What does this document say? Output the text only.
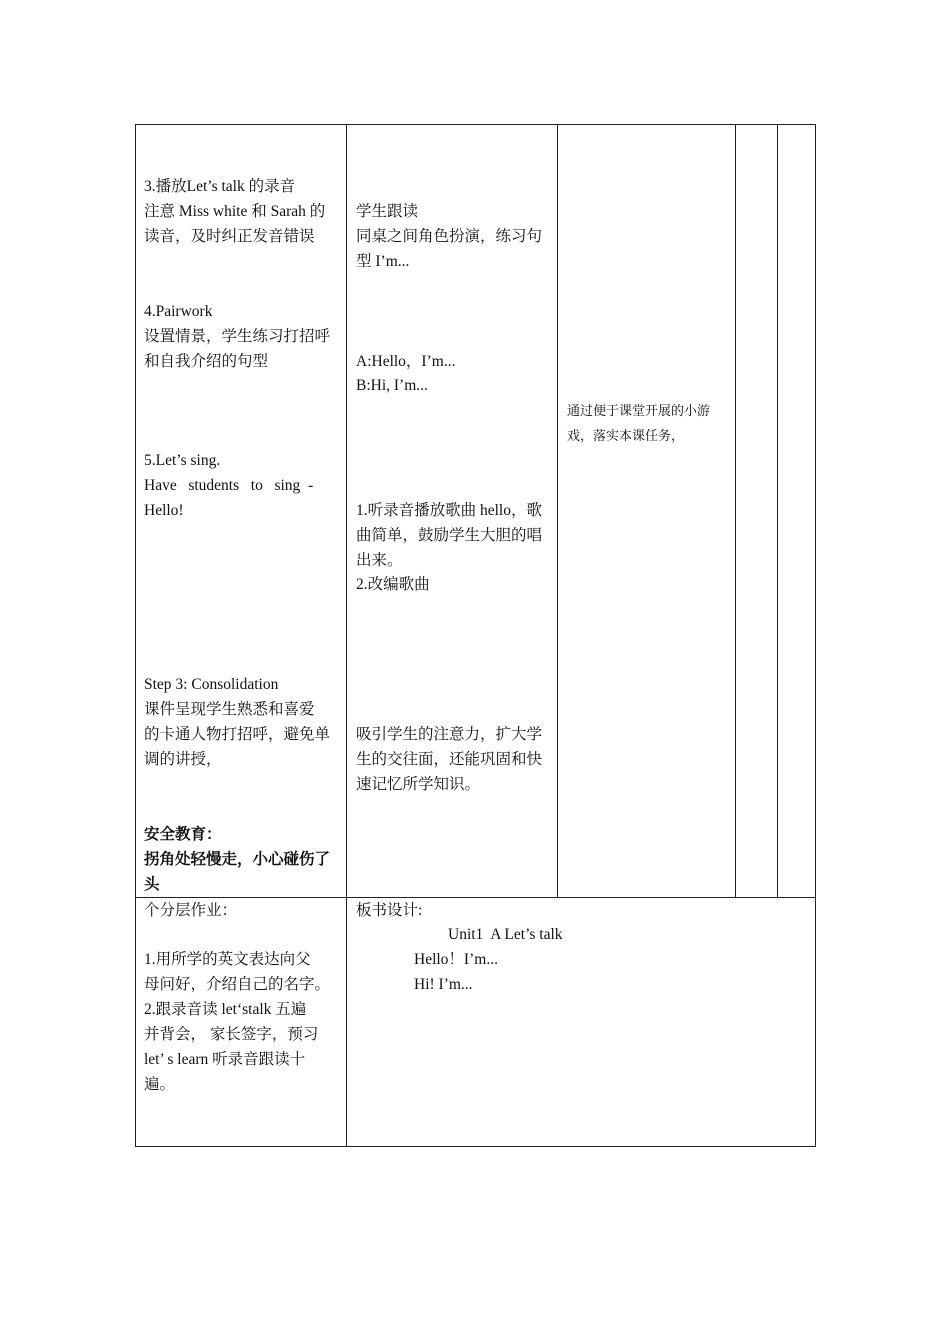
3.播放Let’s talk 的录音
注意 Miss white 和 Sarah 的
读音，及时纠正发音错误
4.Pairwork
设置情景，学生练习打招呼
和自我介绍的句型
5.Let’s sing.
Have   students   to   sing  -
Hello!
Step 3: Consolidation
课件呈现学生熟悉和喜爱
的卡通人物打招呼，避免单
调的讲授，
安全教育：
拐角处轻慢走，小心碰伤了
头
学生跟读
同桌之间角色扮演，练习句
型 I’m...
A:Hello，I’m...
B:Hi, I’m...
1.听录音播放歌曲 hello，歌
曲简单，鼓励学生大胆的唱
出来。
2.改编歌曲
吸引学生的注意力，扩大学
生的交往面，还能巩固和快
速记忆所学知识。
通过便于课堂开展的小游
戏，落实本课任务，
个分层作业：
1.用所学的英文表达向父
母问好，介绍自己的名字。
2.跟录音读 let‘stalk 五遍
并背会， 家长签字，预习
let’ s learn 听录音跟读十
遍。
板书设计:
Unit1  A Let’s talk
Hello！I’m...
Hi! I’m...
